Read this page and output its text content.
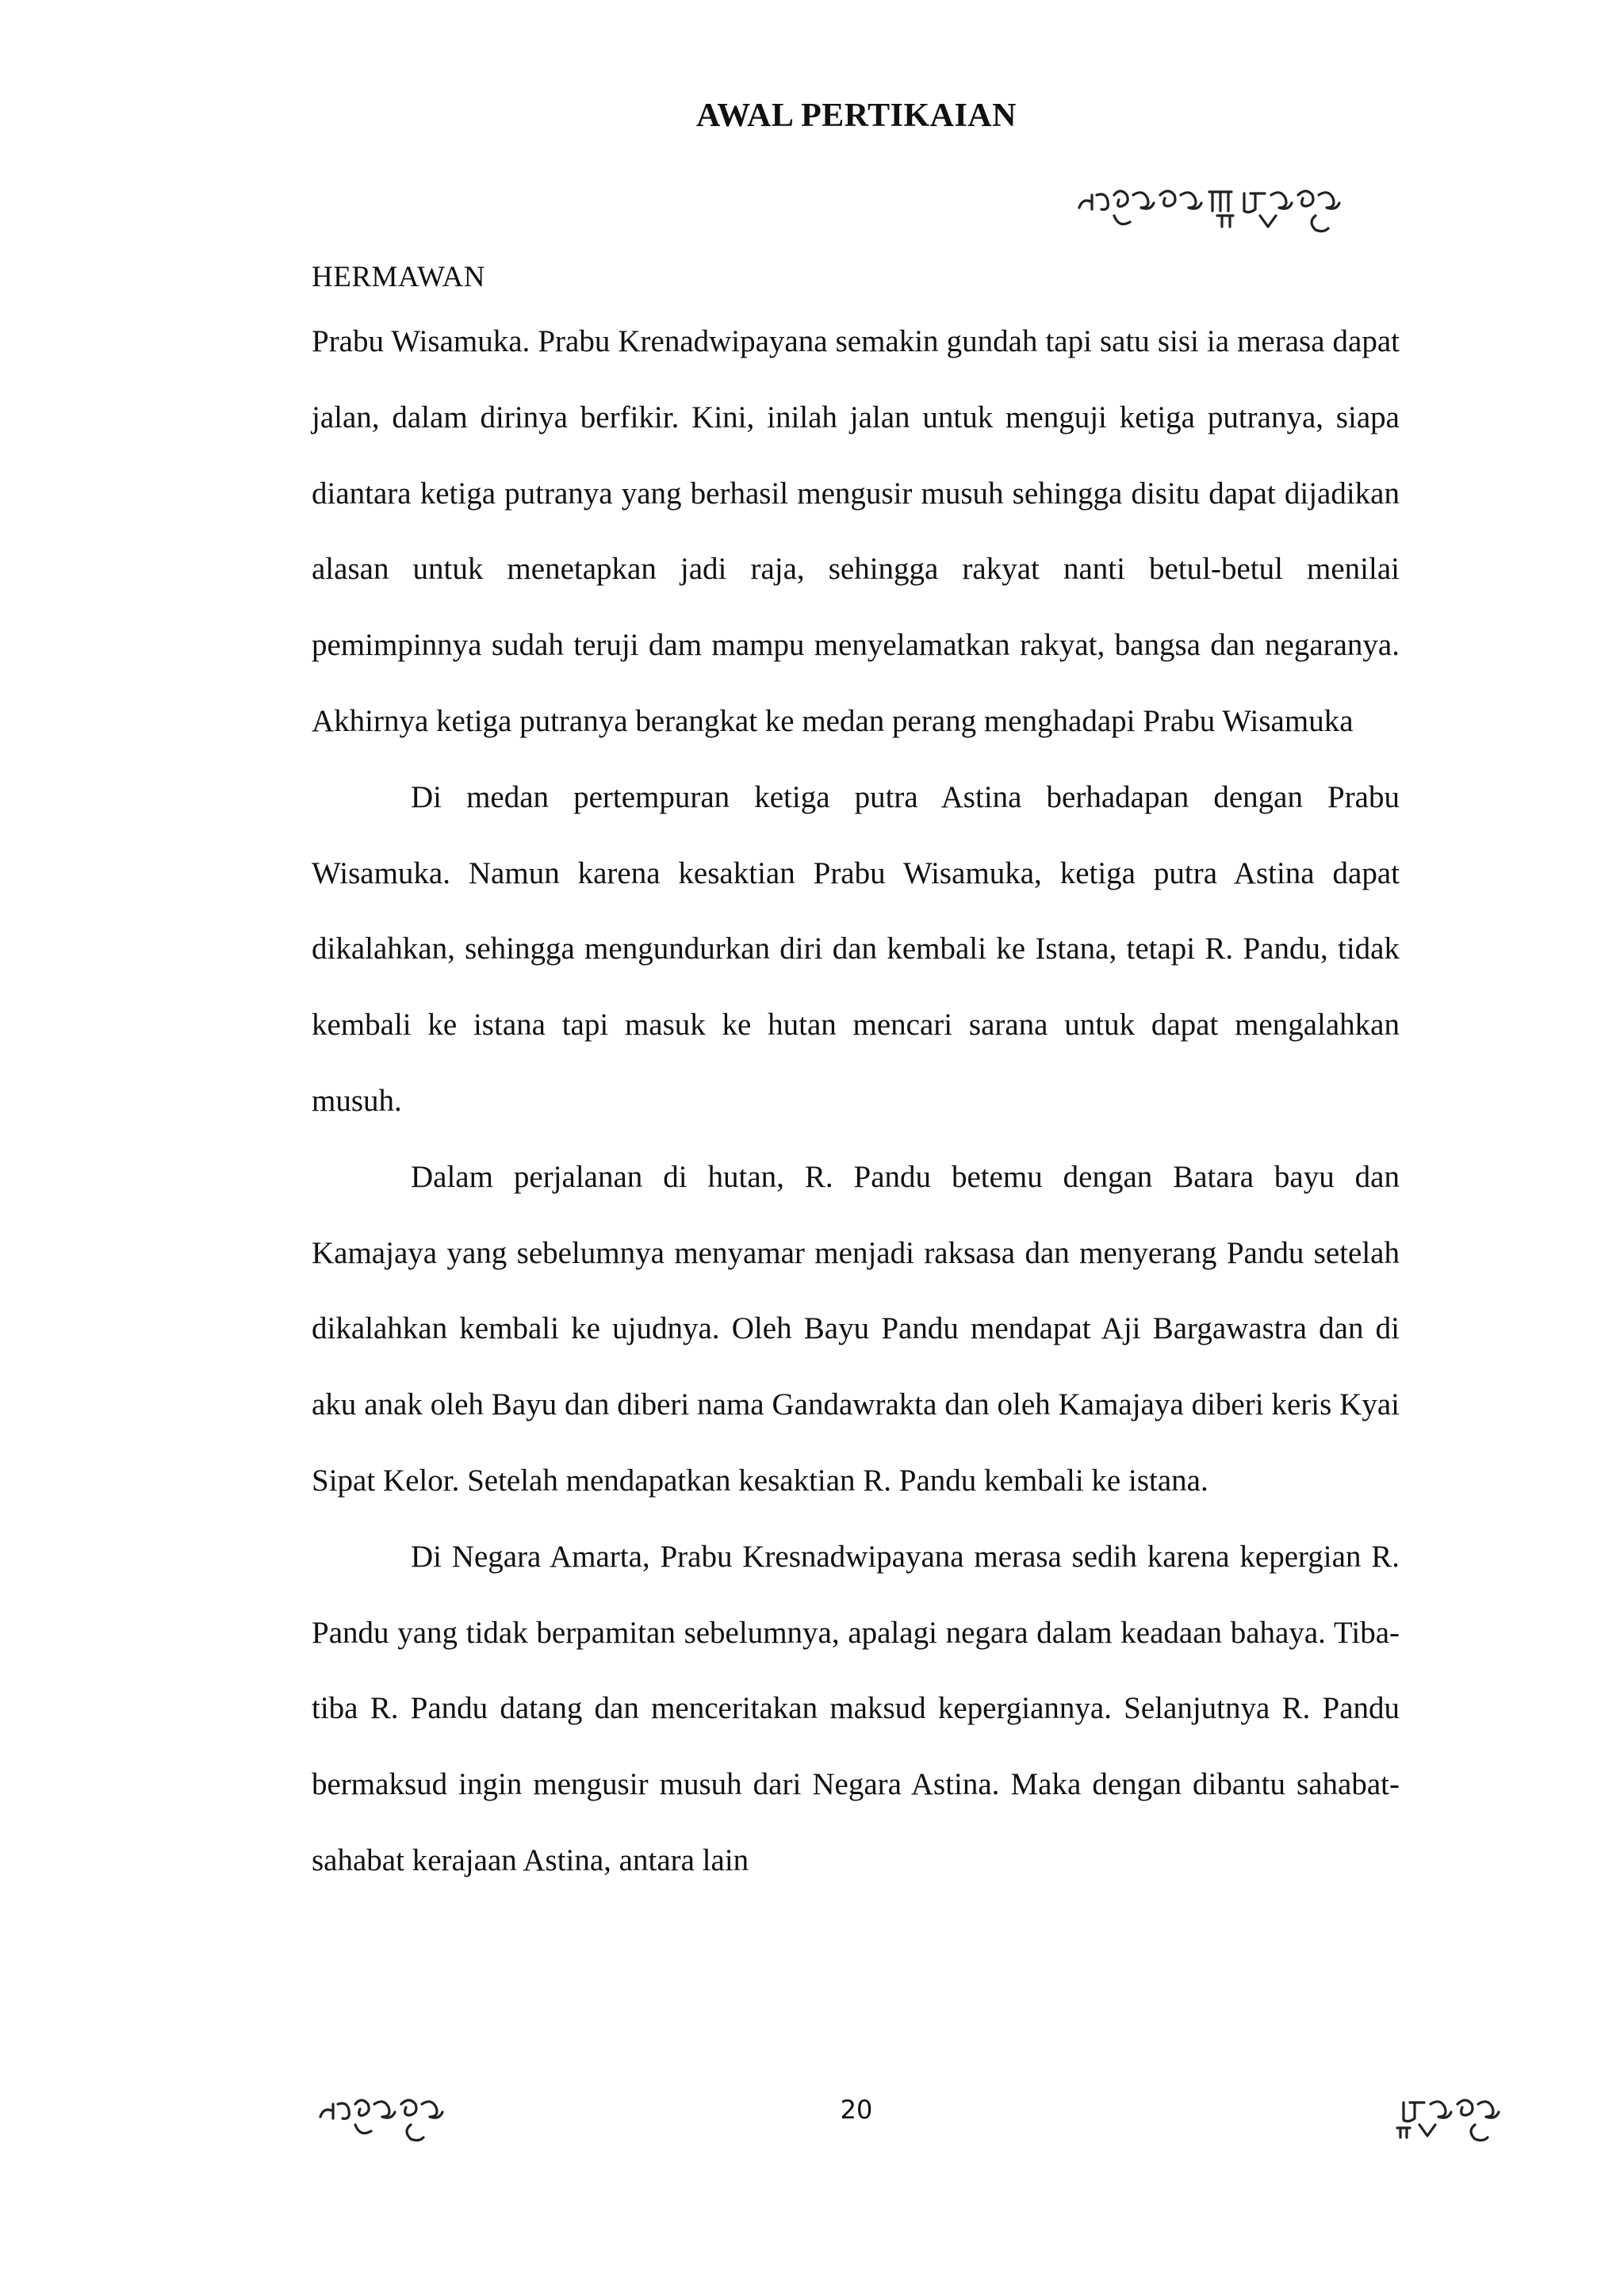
AWAL PERTIKAIAN

HERMAWAN

Prabu Wisamuka. Prabu Krenadwipayana semakin gundah tapi satu sisi ia merasa dapat jalan, dalam dirinya berfikir. Kini, inilah jalan untuk menguji ketiga putranya, siapa diantara ketiga putranya yang berhasil mengusir musuh sehingga disitu dapat dijadikan alasan untuk menetapkan jadi raja, sehingga rakyat nanti betul-betul menilai pemimpinnya sudah teruji dam mampu menyelamatkan rakyat, bangsa dan negaranya. Akhirnya ketiga putranya berangkat ke medan perang menghadapi Prabu Wisamuka

Di medan pertempuran ketiga putra Astina berhadapan dengan Prabu Wisamuka. Namun karena kesaktian Prabu Wisamuka, ketiga putra Astina dapat dikalahkan, sehingga mengundurkan diri dan kembali ke Istana, tetapi R. Pandu, tidak kembali ke istana tapi masuk ke hutan mencari sarana untuk dapat mengalahkan musuh.

Dalam perjalanan di hutan, R. Pandu betemu dengan Batara bayu dan Kamajaya yang sebelumnya menyamar menjadi raksasa dan menyerang Pandu setelah dikalahkan kembali ke ujudnya. Oleh Bayu Pandu mendapat Aji Bargawastra dan di aku anak oleh Bayu dan diberi nama Gandawrakta dan oleh Kamajaya diberi keris Kyai Sipat Kelor. Setelah mendapatkan kesaktian R. Pandu kembali ke istana.

Di Negara Amarta, Prabu Kresnadwipayana merasa sedih karena kepergian R. Pandu yang tidak berpamitan sebelumnya, apalagi negara dalam keadaan bahaya. Tiba-tiba R. Pandu datang dan menceritakan maksud kepergiannya. Selanjutnya R. Pandu bermaksud ingin mengusir musuh dari Negara Astina. Maka dengan dibantu sahabat-sahabat kerajaan Astina, antara lain

20
